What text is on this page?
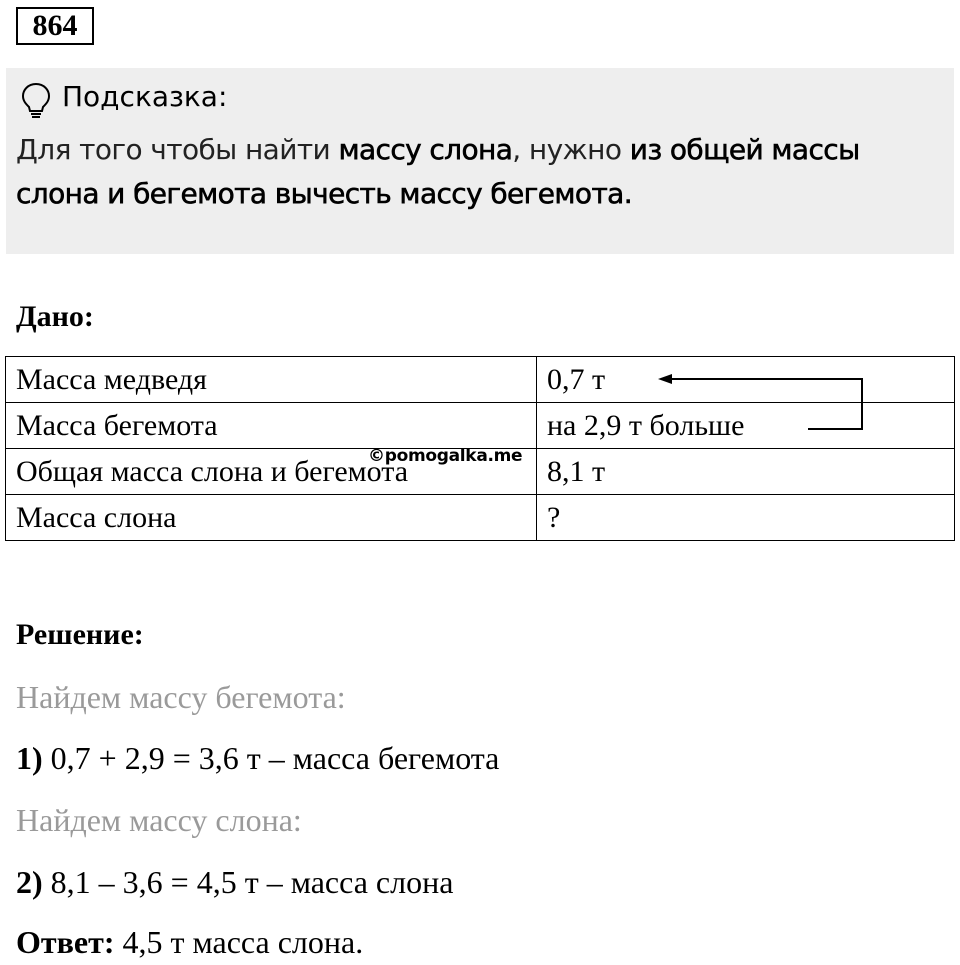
864
Подсказка:
Для того чтобы найти массу слона, нужно из общей массы слона и бегемота вычесть массу бегемота.
Дано:
Масса медведя	0,7 т
Масса бегемота	на 2,9 т больше
Общая масса слона и бегемота	8,1 т
Масса слона	?
©pomogalka.me
Решение:
Найдем массу бегемота:
1) 0,7 + 2,9 = 3,6 т – масса бегемота
Найдем массу слона:
2) 8,1 – 3,6 = 4,5 т – масса слона
Ответ: 4,5 т масса слона.
